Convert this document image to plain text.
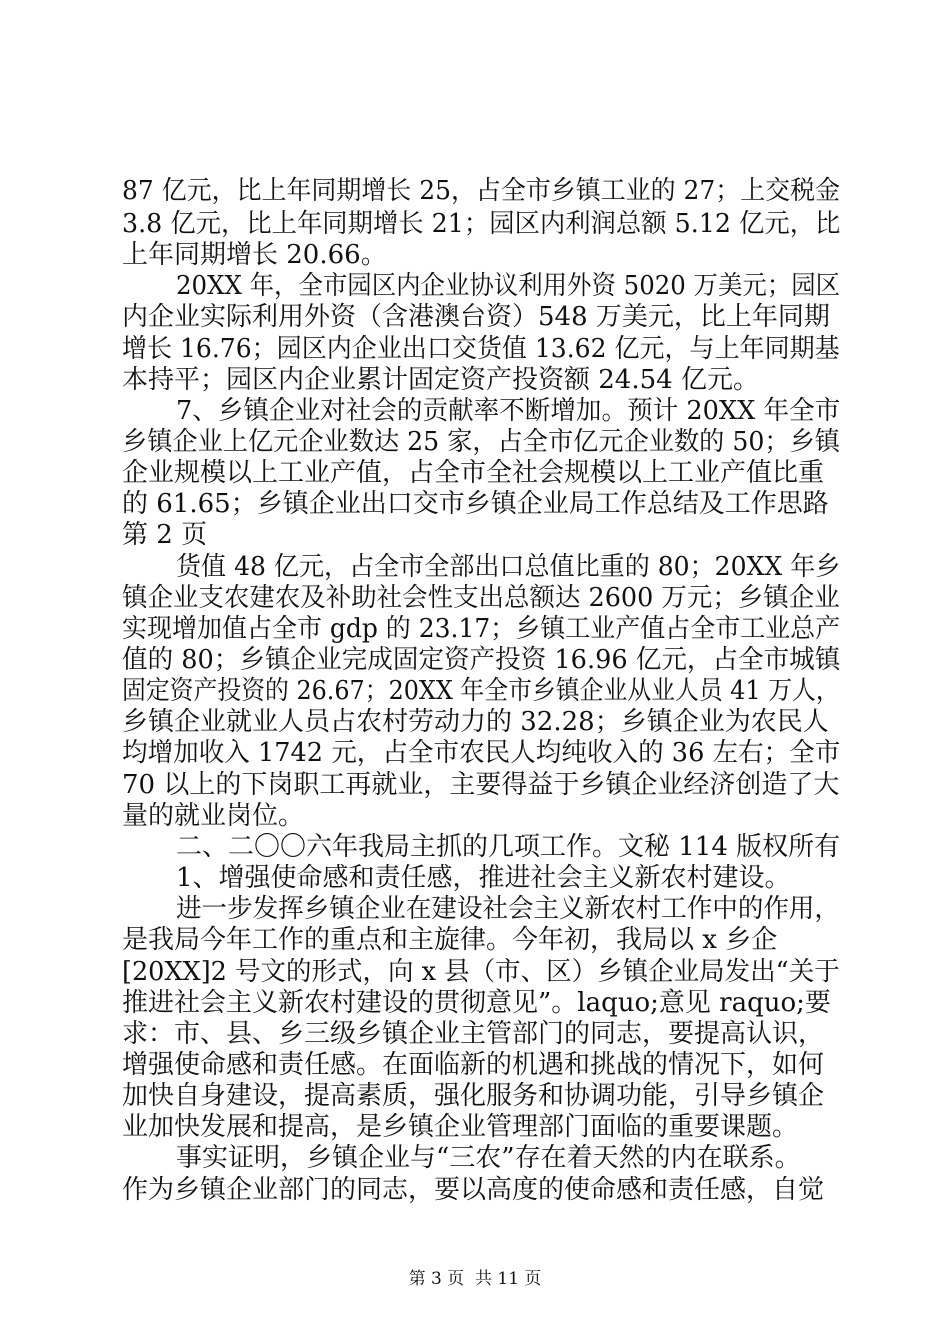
87 亿元，比上年同期增长 25，占全市乡镇工业的 27；上交税金
3.8 亿元，比上年同期增长 21；园区内利润总额 5.12 亿元，比
上年同期增长 20.66。
20XX 年，全市园区内企业协议利用外资 5020 万美元；园区
内企业实际利用外资（含港澳台资）548 万美元，比上年同期
增长 16.76；园区内企业出口交货值 13.62 亿元，与上年同期基
本持平；园区内企业累计固定资产投资额 24.54 亿元。
7、乡镇企业对社会的贡献率不断增加。预计 20XX 年全市
乡镇企业上亿元企业数达 25 家，占全市亿元企业数的 50；乡镇
企业规模以上工业产值，占全市全社会规模以上工业产值比重
的 61.65；乡镇企业出口交市乡镇企业局工作总结及工作思路
第 2 页
货值 48 亿元，占全市全部出口总值比重的 80；20XX 年乡
镇企业支农建农及补助社会性支出总额达 2600 万元；乡镇企业
实现增加值占全市 gdp 的 23.17；乡镇工业产值占全市工业总产
值的 80；乡镇企业完成固定资产投资 16.96 亿元，占全市城镇
固定资产投资的 26.67；20XX 年全市乡镇企业从业人员 41 万人，
乡镇企业就业人员占农村劳动力的 32.28；乡镇企业为农民人
均增加收入 1742 元，占全市农民人均纯收入的 36 左右；全市
70 以上的下岗职工再就业，主要得益于乡镇企业经济创造了大
量的就业岗位。
二、二〇〇六年我局主抓的几项工作。文秘 114 版权所有
1、增强使命感和责任感，推进社会主义新农村建设。
进一步发挥乡镇企业在建设社会主义新农村工作中的作用，
是我局今年工作的重点和主旋律。今年初，我局以 x 乡企
[20XX]2 号文的形式，向 x 县（市、区）乡镇企业局发出“关于
推进社会主义新农村建设的贯彻意见”。laquo;意见 raquo;要
求：市、县、乡三级乡镇企业主管部门的同志，要提高认识，
增强使命感和责任感。在面临新的机遇和挑战的情况下，如何
加快自身建设，提高素质，强化服务和协调功能，引导乡镇企
业加快发展和提高，是乡镇企业管理部门面临的重要课题。
事实证明，乡镇企业与“三农”存在着天然的内在联系。
作为乡镇企业部门的同志，要以高度的使命感和责任感，自觉
第 3 页  共 11 页
